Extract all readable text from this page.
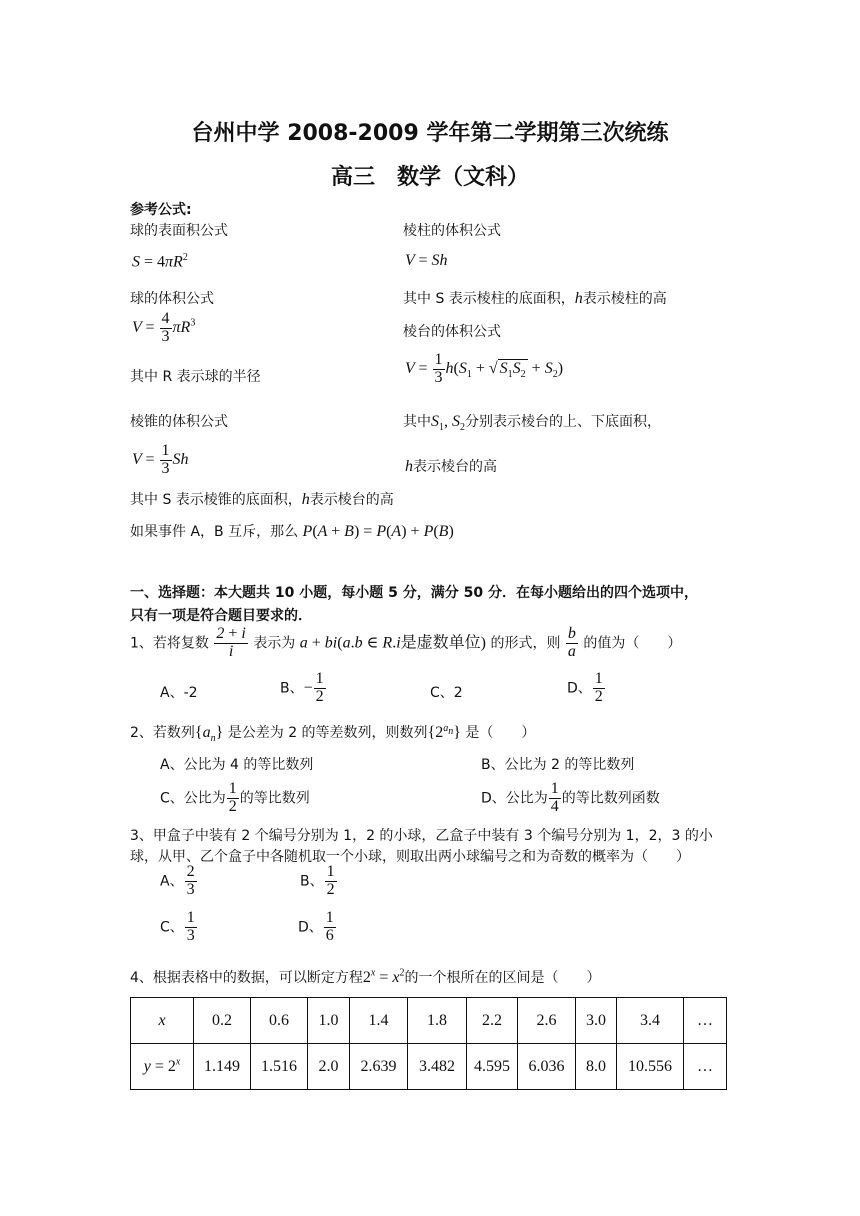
台州中学 2008-2009 学年第二学期第三次统练
高三　数学（文科）
参考公式:
球的表面积公式	棱柱的体积公式
$S = 4\pi R^2$	V = Sh
球的体积公式	其中 S 表示棱柱的底面积，h表示棱柱的高
$V = \frac{4}{3} \pi R^3$
棱台的体积公式
其中 R 表示球的半径
$V = \frac{1}{3} h(S_1$ + √ $S_1S_2 + S_2$)
棱锥的体积公式	其中$S_1$, $S_2$分别表示棱台的上、下底面积，
$V = \frac{1}{3}$ Sh	h表示棱台的高
其中 S 表示棱锥的底面积，h表示棱台的高
如果事件 A，B 互斥，那么 P(A + B) = P(A) + P(B)
一、选择题：本大题共 10 小题，每小题 5 分，满分 50 分．在每小题给出的四个选项中，
只有一项是符合题目要求的．
1、若将复数 $\frac{2 + i}{i}$ 表示为 a + bi(a.b ∈ R.i是虚数单位) 的形式，则 $\frac{b}{a}$ 的值为（　　）
A、-2	B、− $\frac{1}{2}$	C、2	D、 $\frac{1}{2}$
2、若数列$\{a_n\}$ 是公差为 2 的等差数列，则数列$\{2^{a_n}\}$ 是（　　）
A、公比为 4 的等比数列	B、公比为 2 的等比数列
C、公比为 $\frac{1}{2}$ 的等比数列	D、公比为 $\frac{1}{4}$ 的等比数列函数
3、甲盒子中装有 2 个编号分别为 1，2 的小球，乙盒子中装有 3 个编号分别为 1，2，3 的小
球，从甲、乙个盒子中各随机取一个小球，则取出两小球编号之和为奇数的概率为（　　）
A、 $\frac{2}{3}$	B、 $\frac{1}{2}$
C、 $\frac{1}{3}$	D、 $\frac{1}{6}$
4、根据表格中的数据，可以断定方程$2^x = x^2$的一个根所在的区间是（　　）
x	0.2	0.6	1.0	1.4	1.8	2.2	2.6	3.0	3.4	…
$y = 2^x$	1.149	1.516	2.0	2.639	3.482	4.595	6.036	8.0	10.556	…
